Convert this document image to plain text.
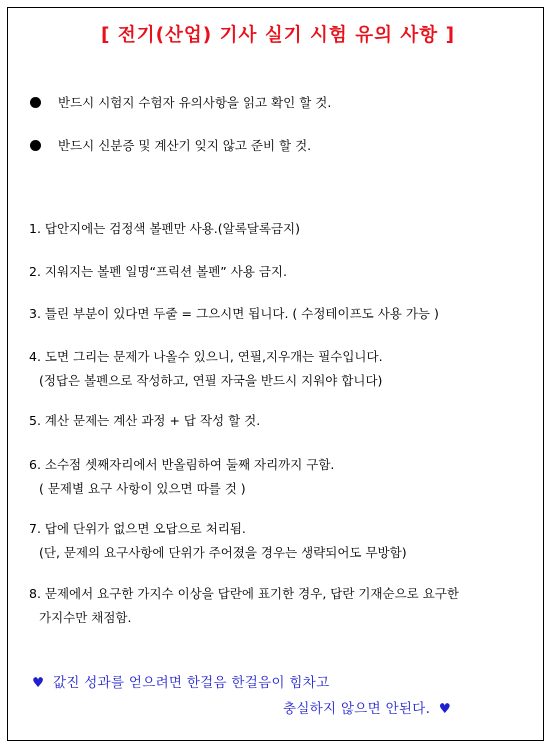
[ 전기(산업) 기사 실기 시험 유의 사항 ]
반드시 시험지 수험자 유의사항을 읽고 확인 할 것.
반드시 신분증 및 계산기 잊지 않고 준비 할 것.
1. 답안지에는 검정색 볼펜만 사용.(알록달록금지)
2. 지워지는 볼펜 일명“프릭션 볼펜” 사용 금지.
3. 틀린 부분이 있다면 두줄 = 그으시면 됩니다. ( 수정테이프도 사용 가능 )
4. 도면 그리는 문제가 나올수 있으니, 연필,지우개는 필수입니다.
(정답은 볼펜으로 작성하고, 연필 자국을 반드시 지워야 합니다)
5. 계산 문제는 계산 과정 + 답 작성 할 것.
6. 소수점 셋째자리에서 반올림하여 둘째 자리까지 구함.
( 문제별 요구 사항이 있으면 따를 것 )
7. 답에 단위가 없으면 오답으로 처리됨.
(단, 문제의 요구사항에 단위가 주어졌을 경우는 생략되어도 무방함)
8. 문제에서 요구한 가지수 이상을 답란에 표기한 경우, 답란 기재순으로 요구한
가지수만 채점함.
♥ 값진 성과를 얻으려면 한걸음 한걸음이 힘차고
충실하지 않으면 안된다. ♥
